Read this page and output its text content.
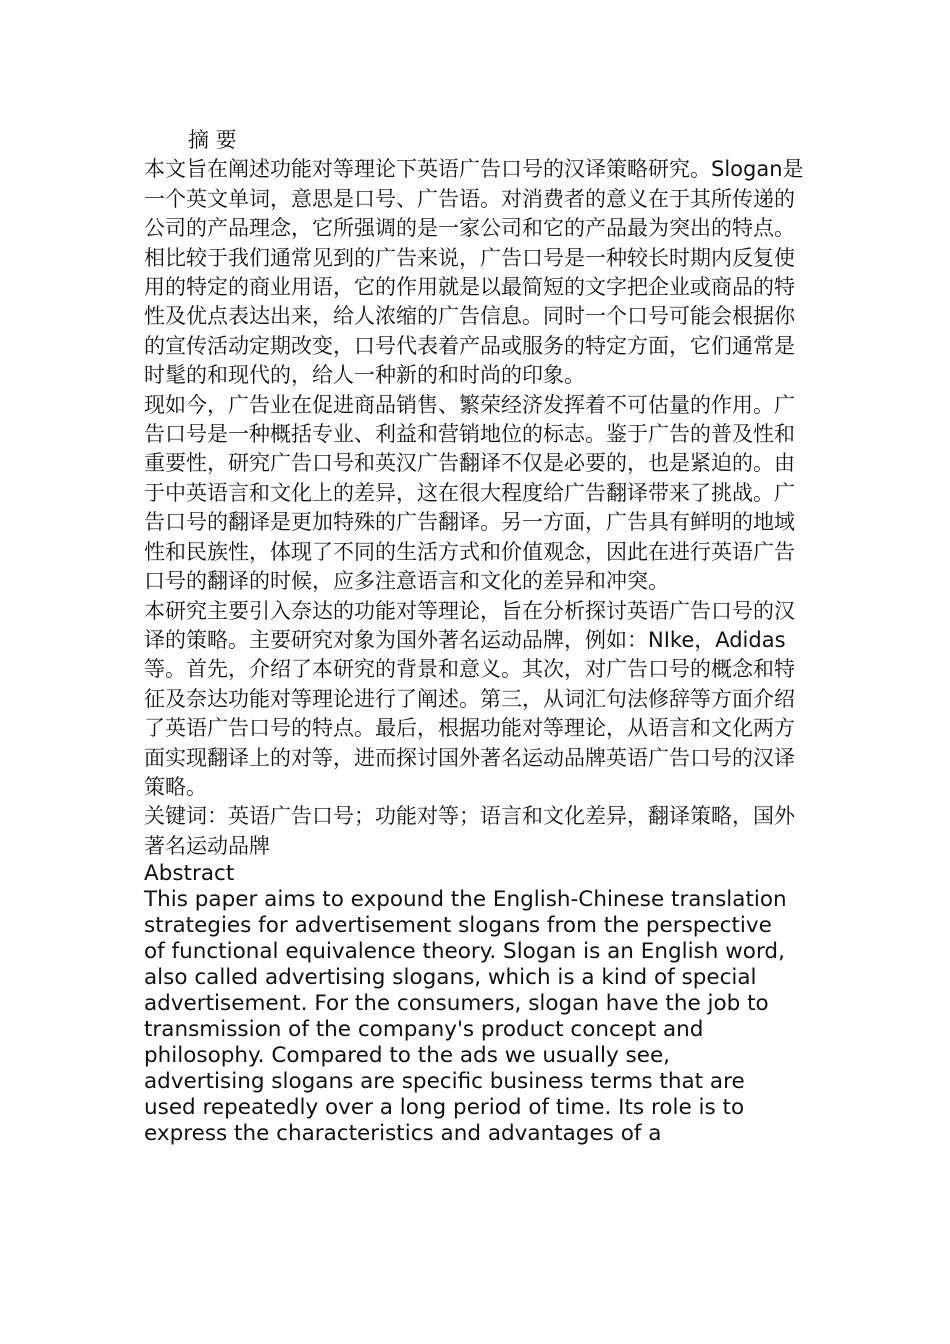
摘 要

本文旨在阐述功能对等理论下英语广告口号的汉译策略研究。Slogan是一个英文单词，意思是口号、广告语。对消费者的意义在于其所传递的公司的产品理念，它所强调的是一家公司和它的产品最为突出的特点。相比较于我们通常见到的广告来说，广告口号是一种较长时期内反复使用的特定的商业用语，它的作用就是以最简短的文字把企业或商品的特性及优点表达出来，给人浓缩的广告信息。同时一个口号可能会根据你的宣传活动定期改变，口号代表着产品或服务的特定方面，它们通常是时髦的和现代的，给人一种新的和时尚的印象。

现如今，广告业在促进商品销售、繁荣经济发挥着不可估量的作用。广告口号是一种概括专业、利益和营销地位的标志。鉴于广告的普及性和重要性，研究广告口号和英汉广告翻译不仅是必要的，也是紧迫的。由于中英语言和文化上的差异，这在很大程度给广告翻译带来了挑战。广告口号的翻译是更加特殊的广告翻译。另一方面，广告具有鲜明的地域性和民族性，体现了不同的生活方式和价值观念，因此在进行英语广告口号的翻译的时候，应多注意语言和文化的差异和冲突。

本研究主要引入奈达的功能对等理论，旨在分析探讨英语广告口号的汉译的策略。主要研究对象为国外著名运动品牌，例如：NIke，Adidas等。首先，介绍了本研究的背景和意义。其次，对广告口号的概念和特征及奈达功能对等理论进行了阐述。第三，从词汇句法修辞等方面介绍了英语广告口号的特点。最后，根据功能对等理论，从语言和文化两方面实现翻译上的对等，进而探讨国外著名运动品牌英语广告口号的汉译策略。

关键词：英语广告口号；功能对等；语言和文化差异，翻译策略，国外著名运动品牌

Abstract

This paper aims to expound the English-Chinese translation strategies for advertisement slogans from the perspective of functional equivalence theory. Slogan is an English word, also called advertising slogans, which is a kind of special advertisement. For the consumers, slogan have the job to transmission of the company's product concept and philosophy. Compared to the ads we usually see, advertising slogans are specific business terms that are used repeatedly over a long period of time. Its role is to express the characteristics and advantages of a
